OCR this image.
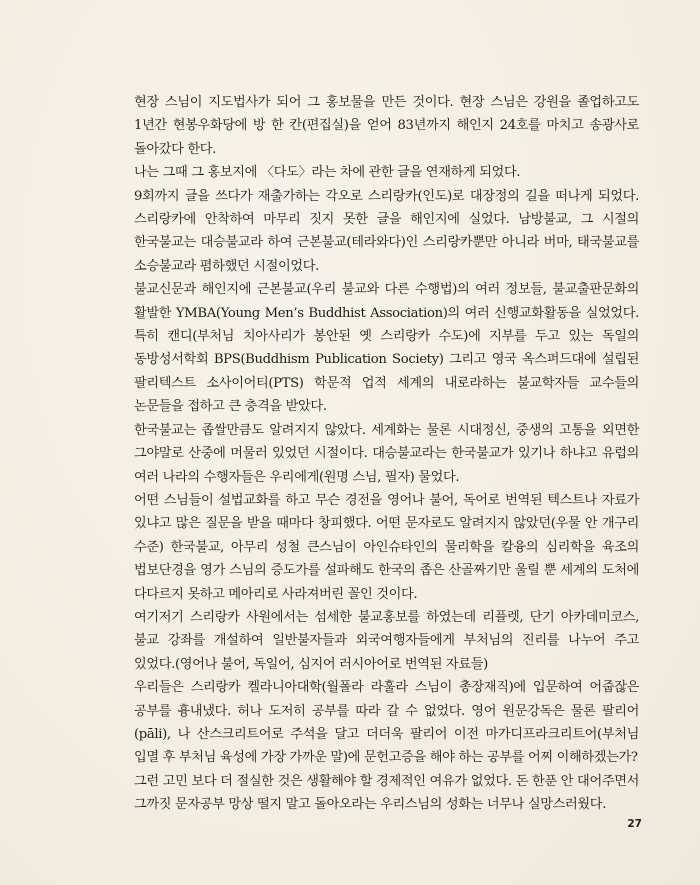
현장 스님이 지도법사가 되어 그 홍보물을 만든 것이다. 현장 스님은 강원을 졸업하고도 1년간 현봉우화당에 방 한 칸(편집실)을 얻어 83년까지 해인지 24호를 마치고 송광사로 돌아갔다 한다.

나는 그때 그 홍보지에 〈다도〉라는 차에 관한 글을 연재하게 되었다.

9회까지 글을 쓰다가 재출가하는 각오로 스리랑카(인도)로 대장정의 길을 떠나게 되었다. 스리랑카에 안착하여 마무리 짓지 못한 글을 해인지에 실었다. 남방불교, 그 시절의 한국불교는 대승불교라 하여 근본불교(테라와다)인 스리랑카뿐만 아니라 버마, 태국불교를 소승불교라 폄하했던 시절이었다.

불교신문과 해인지에 근본불교(우리 불교와 다른 수행법)의 여러 정보들, 불교출판문화의 활발한 YMBA(Young Men’s Buddhist Association)의 여러 신행교화활동을 실었었다. 특히 캔디(부처님 치아사리가 봉안된 옛 스리랑카 수도)에 지부를 두고 있는 독일의 동방성서학회 BPS(Buddhism Publication Society) 그리고 영국 옥스퍼드대에 설립된 팔리텍스트 소사이어티(PTS) 학문적 업적 세계의 내로라하는 불교학자들 교수들의 논문들을 접하고 큰 충격을 받았다.

한국불교는 좁쌀만큼도 알려지지 않았다. 세계화는 물론 시대정신, 중생의 고통을 외면한 그야말로 산중에 머물러 있었던 시절이다. 대승불교라는 한국불교가 있기나 하냐고 유럽의 여러 나라의 수행자들은 우리에게(원명 스님, 필자) 물었다.

어떤 스님들이 설법교화를 하고 무슨 경전을 영어나 불어, 독어로 번역된 텍스트나 자료가 있냐고 많은 질문을 받을 때마다 창피했다. 어떤 문자로도 알려지지 않았던(우물 안 개구리 수준) 한국불교, 아무리 성철 큰스님이 아인슈타인의 물리학을 칼융의 심리학을 육조의 법보단경을 영가 스님의 증도가를 설파해도 한국의 좁은 산골짜기만 울릴 뿐 세계의 도처에 다다르지 못하고 메아리로 사라져버린 꼴인 것이다.

여기저기 스리랑카 사원에서는 섬세한 불교홍보를 하였는데 리플렛, 단기 아카데미코스, 불교 강좌를 개설하여 일반불자들과 외국여행자들에게 부처님의 진리를 나누어 주고 있었다.(영어나 불어, 독일어, 심지어 러시아어로 번역된 자료들)

우리들은 스리랑카 켈라니아대학(월폴라 라훌라 스님이 총장재직)에 입문하여 어줍잖은 공부를 흉내냈다. 허나 도저히 공부를 따라 갈 수 없었다. 영어 원문강독은 물론 팔리어(pāli), 나 산스크리트어로 주석을 달고 더더욱 팔리어 이전 마가디프라크리트어(부처님 입멸 후 부처님 육성에 가장 가까운 말)에 문헌고증을 해야 하는 공부를 어찌 이해하겠는가?

그런 고민 보다 더 절실한 것은 생활해야 할 경제적인 여유가 없었다. 돈 한푼 안 대어주면서 그까짓 문자공부 망상 떨지 말고 돌아오라는 우리스님의 성화는 너무나 실망스러웠다.

27
